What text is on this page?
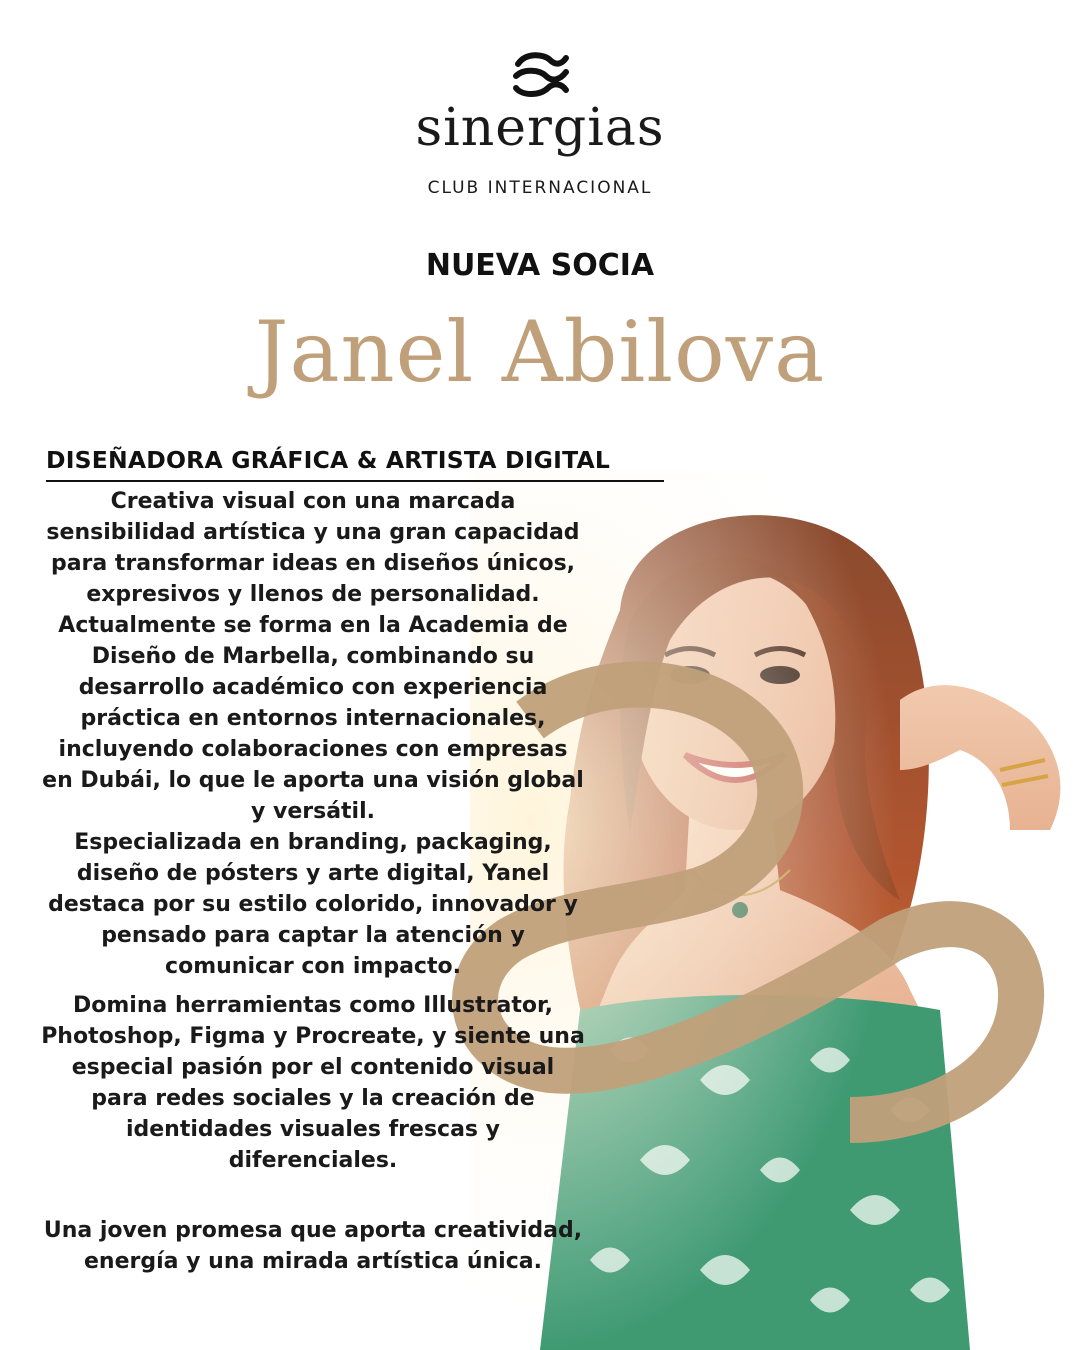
sinergias
CLUB INTERNACIONAL
NUEVA SOCIA
Janel Abilova
DISEÑADORA GRÁFICA & ARTISTA DIGITAL

Creativa visual con una marcada sensibilidad artística y una gran capacidad para transformar ideas en diseños únicos, expresivos y llenos de personalidad.

Actualmente se forma en la Academia de Diseño de Marbella, combinando su desarrollo académico con experiencia práctica en entornos internacionales, incluyendo colaboraciones con empresas en Dubái, lo que le aporta una visión global y versátil.

Especializada en branding, packaging, diseño de pósters y arte digital, Yanel destaca por su estilo colorido, innovador y pensado para captar la atención y comunicar con impacto.

Domina herramientas como Illustrator, Photoshop, Figma y Procreate, y siente una especial pasión por el contenido visual para redes sociales y la creación de identidades visuales frescas y diferenciales.

Una joven promesa que aporta creatividad, energía y una mirada artística única.
